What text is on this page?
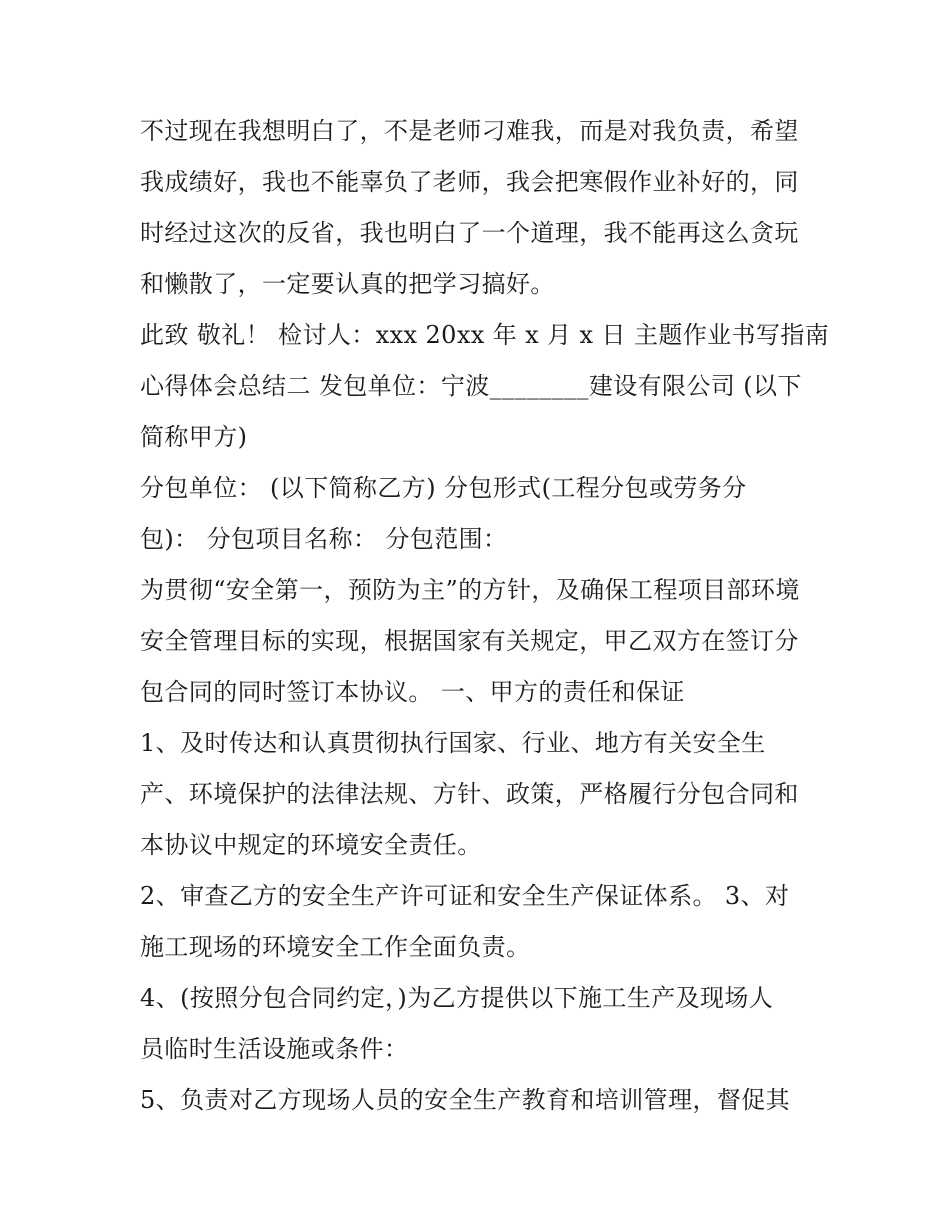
不过现在我想明白了，不是老师刁难我，而是对我负责，希望
我成绩好，我也不能辜负了老师，我会把寒假作业补好的，同
时经过这次的反省，我也明白了一个道理，我不能再这么贪玩
和懒散了，一定要认真的把学习搞好。
此致 敬礼！ 检讨人：xxx 20xx 年 x 月 x 日 主题作业书写指南
心得体会总结二 发包单位：宁波________建设有限公司 (以下
简称甲方)
分包单位： (以下简称乙方) 分包形式(工程分包或劳务分
包)： 分包项目名称： 分包范围：
为贯彻“安全第一，预防为主”的方针，及确保工程项目部环境
安全管理目标的实现，根据国家有关规定，甲乙双方在签订分
包合同的同时签订本协议。 一、甲方的责任和保证
1、及时传达和认真贯彻执行国家、行业、地方有关安全生
产、环境保护的法律法规、方针、政策，严格履行分包合同和
本协议中规定的环境安全责任。
2、审查乙方的安全生产许可证和安全生产保证体系。 3、对
施工现场的环境安全工作全面负责。
4、(按照分包合同约定，)为乙方提供以下施工生产及现场人
员临时生活设施或条件：
5、负责对乙方现场人员的安全生产教育和培训管理，督促其
